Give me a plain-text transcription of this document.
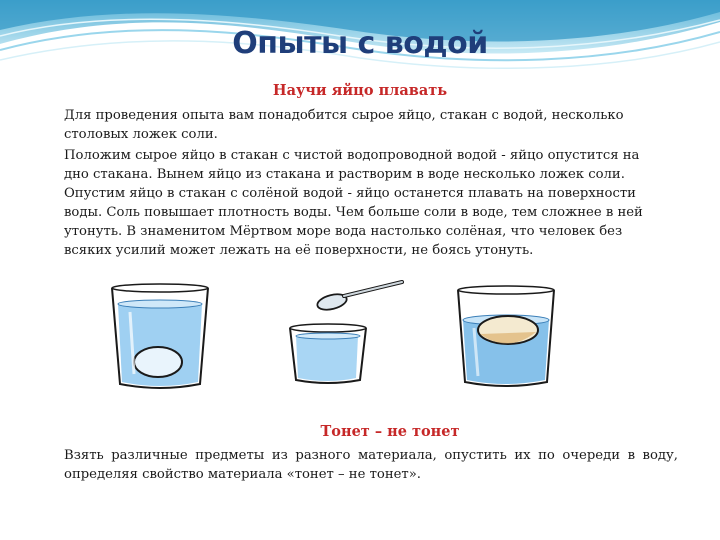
Опыты с водой
Научи яйцо плавать
Для проведения опыта вам понадобится сырое яйцо, стакан с водой, несколько столовых ложек соли.
Положим сырое яйцо в стакан с чистой водопроводной водой - яйцо опустится на дно стакана. Вынем яйцо из стакана и растворим в воде несколько ложек соли. Опустим яйцо в стакан с солёной водой - яйцо останется плавать на поверхности воды. Соль повышает плотность воды. Чем больше соли в воде, тем сложнее в ней утонуть. В знаменитом Мёртвом море вода настолько солёная, что человек без всяких усилий может лежать на её поверхности, не боясь утонуть.
Тонет – не тонет
Взять различные предметы из разного материала, опустить их по очереди в воду, определяя свойство материала «тонет – не тонет».
